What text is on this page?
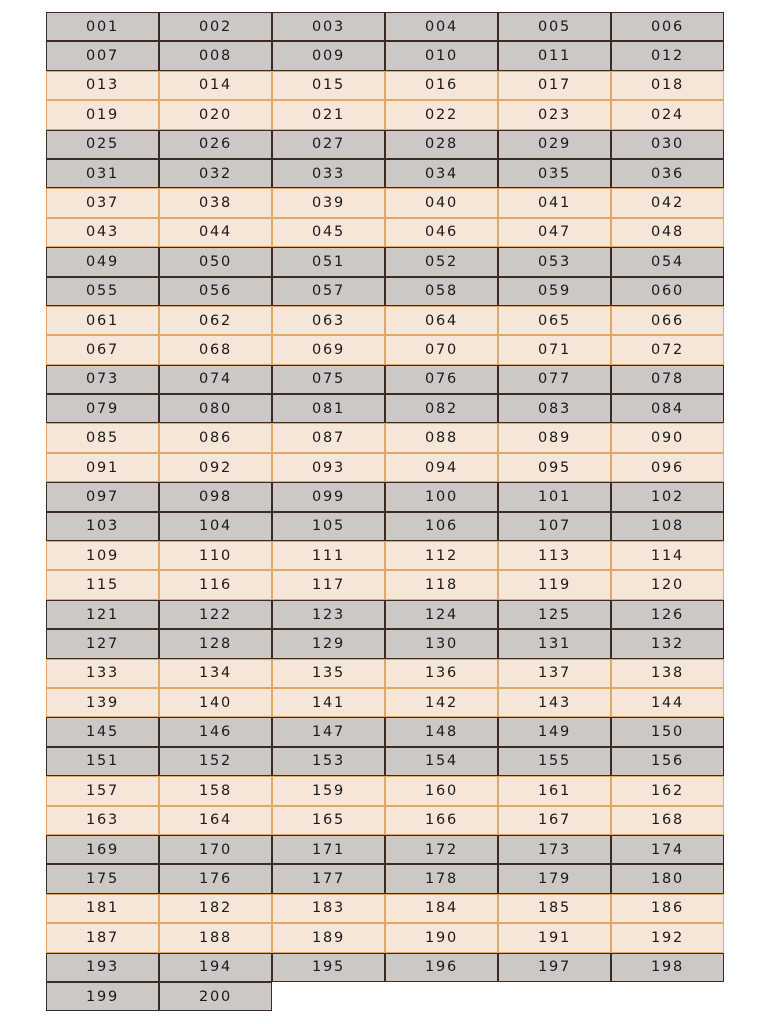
001	002	003	004	005	006
007	008	009	010	011	012
013	014	015	016	017	018
019	020	021	022	023	024
025	026	027	028	029	030
031	032	033	034	035	036
037	038	039	040	041	042
043	044	045	046	047	048
049	050	051	052	053	054
055	056	057	058	059	060
061	062	063	064	065	066
067	068	069	070	071	072
073	074	075	076	077	078
079	080	081	082	083	084
085	086	087	088	089	090
091	092	093	094	095	096
097	098	099	100	101	102
103	104	105	106	107	108
109	110	111	112	113	114
115	116	117	118	119	120
121	122	123	124	125	126
127	128	129	130	131	132
133	134	135	136	137	138
139	140	141	142	143	144
145	146	147	148	149	150
151	152	153	154	155	156
157	158	159	160	161	162
163	164	165	166	167	168
169	170	171	172	173	174
175	176	177	178	179	180
181	182	183	184	185	186
187	188	189	190	191	192
193	194	195	196	197	198
199	200
